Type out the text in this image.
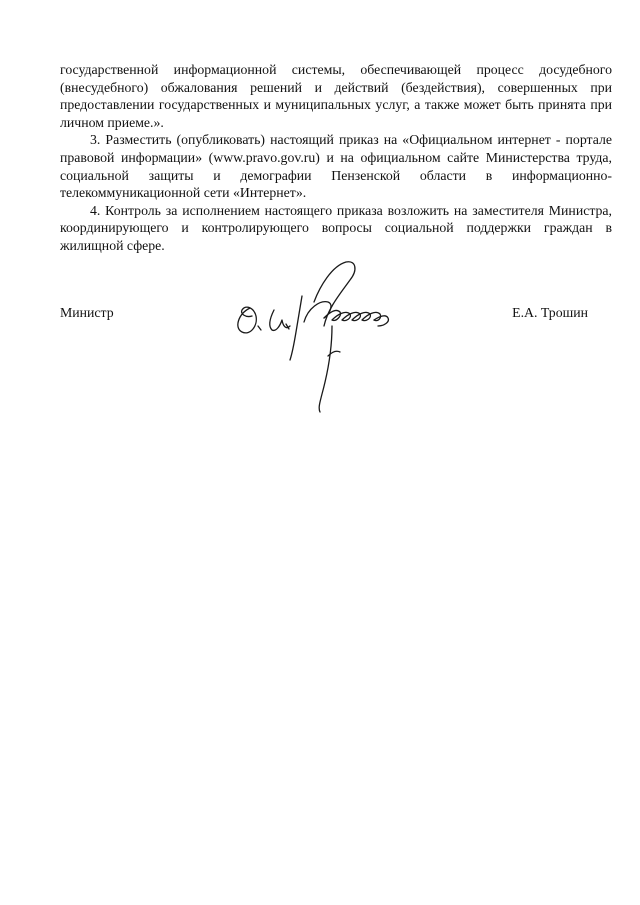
государственной информационной системы, обеспечивающей процесс досудебного (внесудебного) обжалования решений и действий (бездействия), совершенных при предоставлении государственных и муниципальных услуг, а также может быть принята при личном приеме.».

3. Разместить (опубликовать) настоящий приказ на «Официальном интернет - портале правовой информации» (www.pravo.gov.ru) и на официальном сайте Министерства труда, социальной защиты и демографии Пензенской области в информационно-телекоммуникационной сети «Интернет».

4. Контроль за исполнением настоящего приказа возложить на заместителя Министра, координирующего и контролирующего вопросы социальной поддержки граждан в жилищной сфере.

Министр	Е.А. Трошин
